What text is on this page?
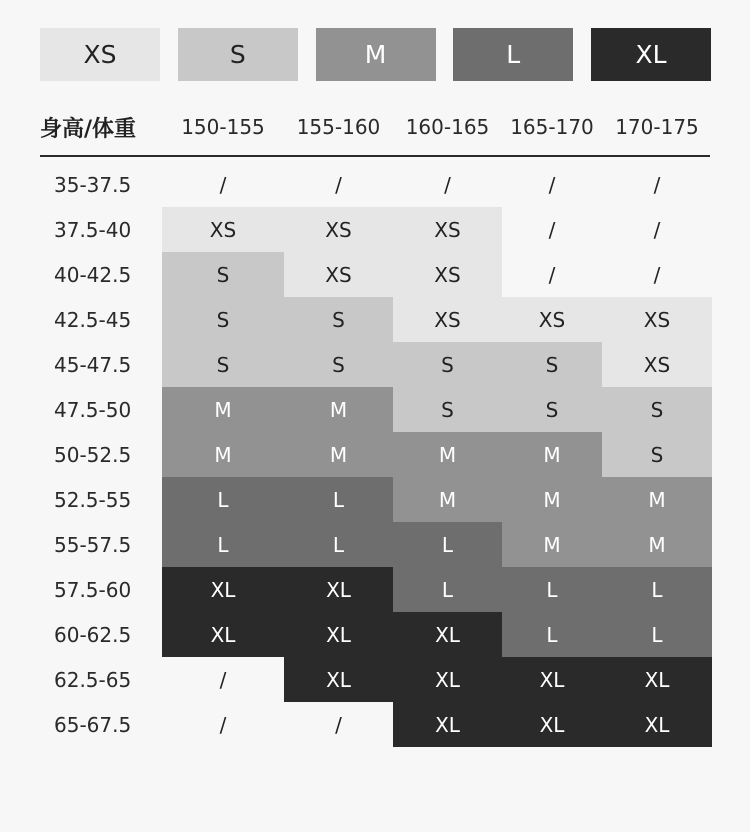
XS	S	M	L	XL
身高/体重	150-155	155-160	160-165	165-170	170-175
35-37.5	/	/	/	/	/
37.5-40	XS	XS	XS	/	/
40-42.5	S	XS	XS	/	/
42.5-45	S	S	XS	XS	XS
45-47.5	S	S	S	S	XS
47.5-50	M	M	S	S	S
50-52.5	M	M	M	M	S
52.5-55	L	L	M	M	M
55-57.5	L	L	L	M	M
57.5-60	XL	XL	L	L	L
60-62.5	XL	XL	XL	L	L
62.5-65	/	XL	XL	XL	XL
65-67.5	/	/	XL	XL	XL
